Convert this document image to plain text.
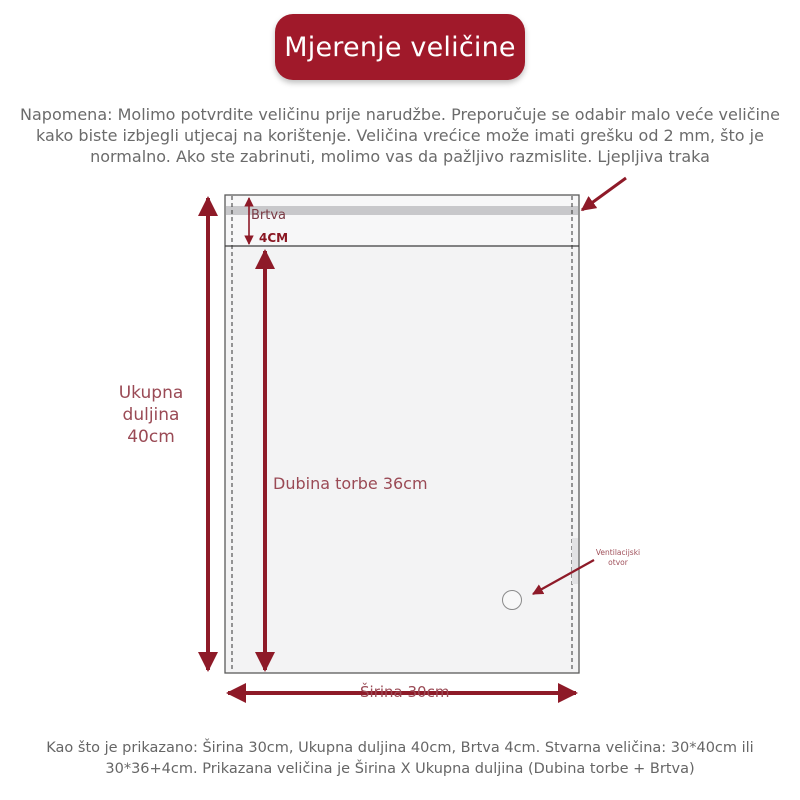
Mjerenje veličine
Napomena: Molimo potvrdite veličinu prije narudžbe. Preporučuje se odabir malo veće veličine kako biste izbjegli utjecaj na korištenje. Veličina vrećice može imati grešku od 2 mm, što je normalno. Ako ste zabrinuti, molimo vas da pažljivo razmislite. Ljepljiva traka
Brtva
4CM
Ukupna duljina 40cm
Dubina torbe 36cm
Širina 30cm
Ventilacijski otvor
Kao što je prikazano: Širina 30cm, Ukupna duljina 40cm, Brtva 4cm. Stvarna veličina: 30*40cm ili 30*36+4cm. Prikazana veličina je Širina X Ukupna duljina (Dubina torbe + Brtva)
